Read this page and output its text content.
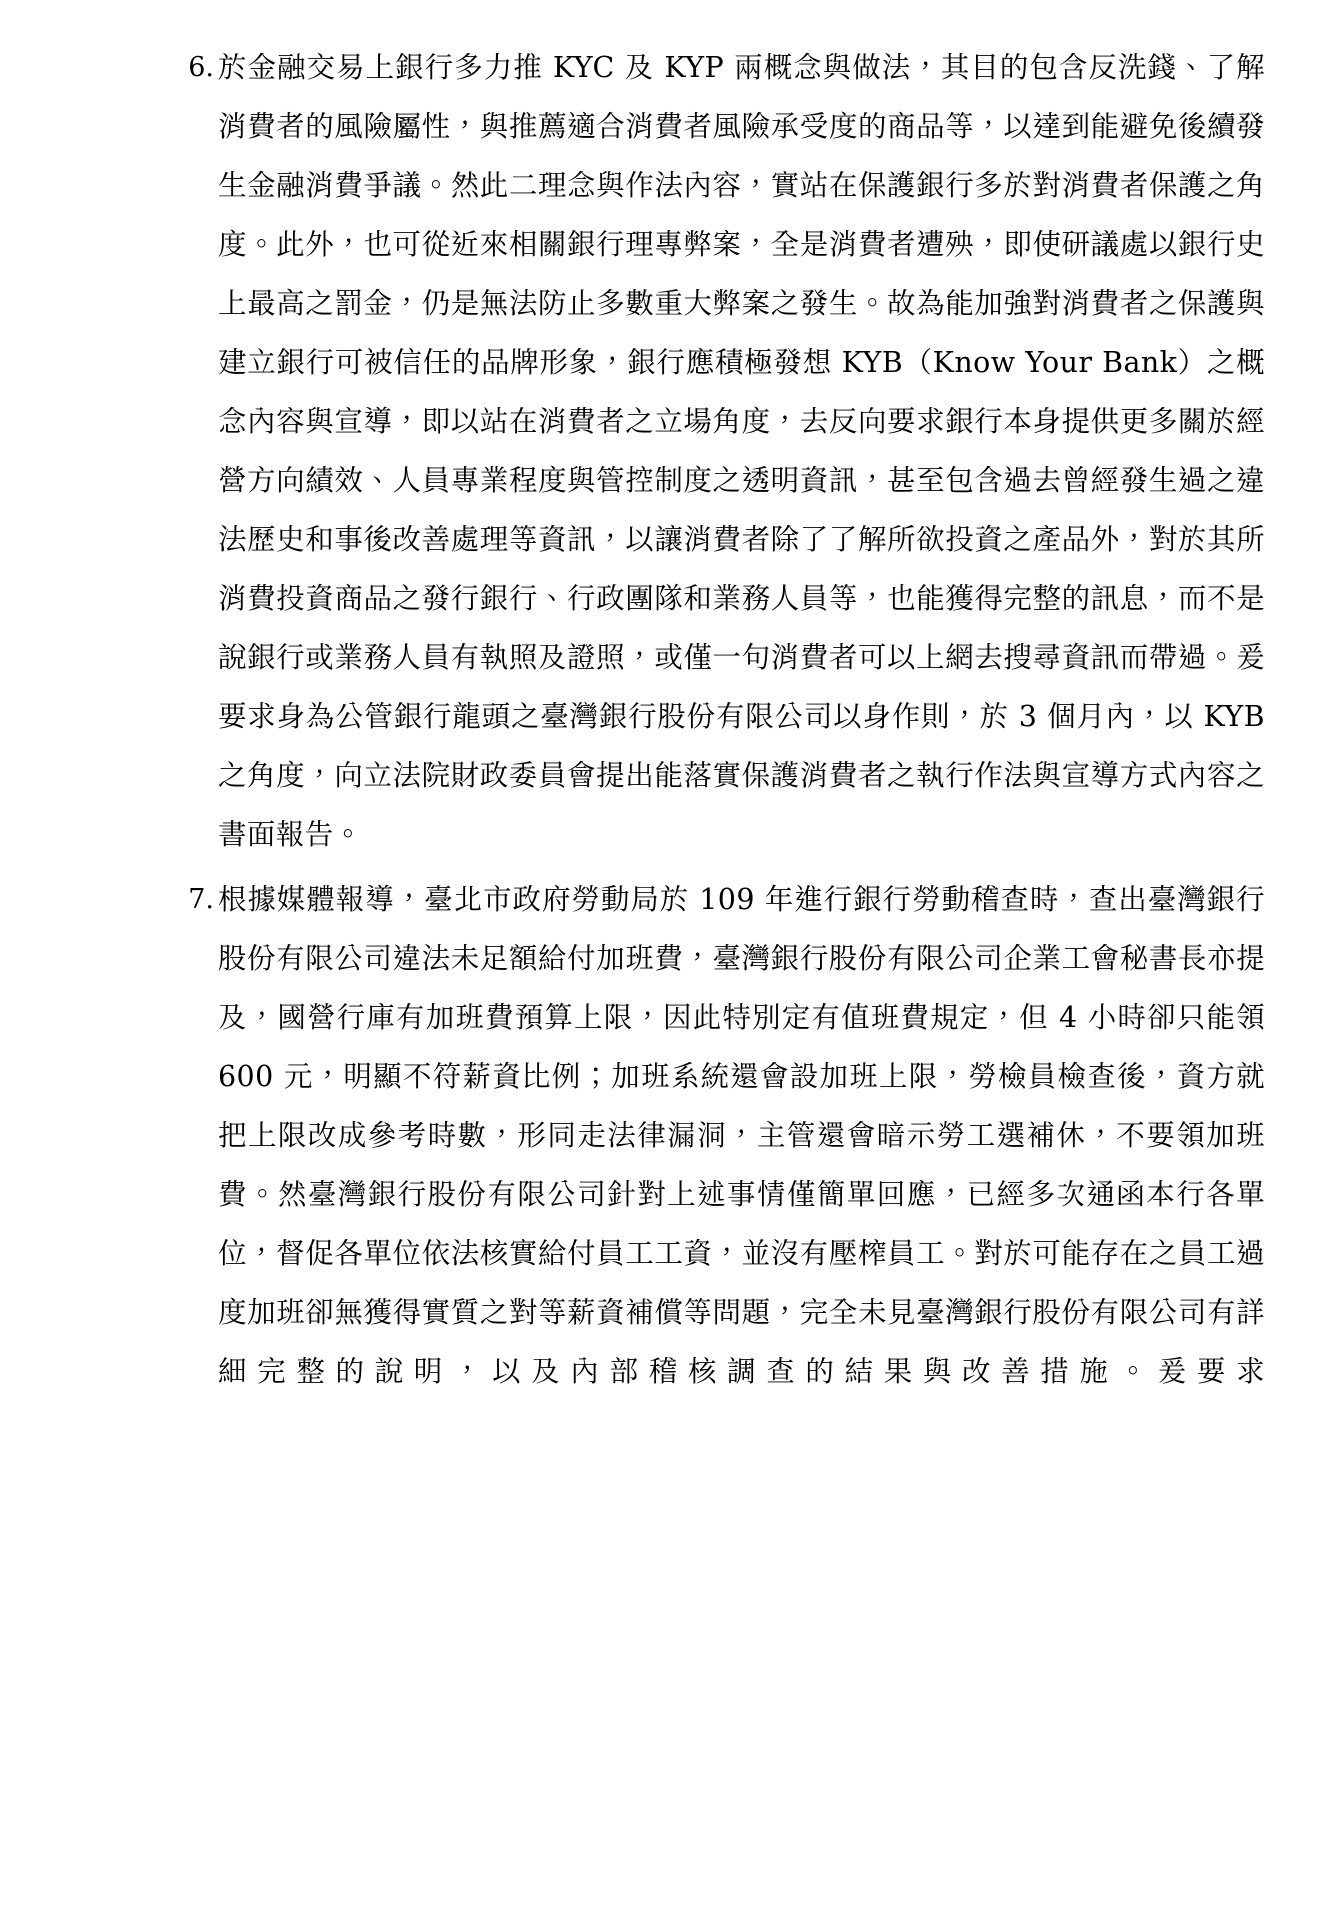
6. 於金融交易上銀行多力推 KYC 及 KYP 兩概念與做法，其目的包含反洗錢、了解消費者的風險屬性，與推薦適合消費者風險承受度的商品等，以達到能避免後續發生金融消費爭議。然此二理念與作法內容，實站在保護銀行多於對消費者保護之角度。此外，也可從近來相關銀行理專弊案，全是消費者遭殃，即使研議處以銀行史上最高之罰金，仍是無法防止多數重大弊案之發生。故為能加強對消費者之保護與建立銀行可被信任的品牌形象，銀行應積極發想 KYB（Know Your Bank）之概念內容與宣導，即以站在消費者之立場角度，去反向要求銀行本身提供更多關於經營方向績效、人員專業程度與管控制度之透明資訊，甚至包含過去曾經發生過之違法歷史和事後改善處理等資訊，以讓消費者除了了解所欲投資之產品外，對於其所消費投資商品之發行銀行、行政團隊和業務人員等，也能獲得完整的訊息，而不是說銀行或業務人員有執照及證照，或僅一句消費者可以上網去搜尋資訊而帶過。爰要求身為公管銀行龍頭之臺灣銀行股份有限公司以身作則，於 3 個月內，以 KYB 之角度，向立法院財政委員會提出能落實保護消費者之執行作法與宣導方式內容之書面報告。
7. 根據媒體報導，臺北市政府勞動局於 109 年進行銀行勞動稽查時，查出臺灣銀行股份有限公司違法未足額給付加班費，臺灣銀行股份有限公司企業工會秘書長亦提及，國營行庫有加班費預算上限，因此特別定有值班費規定，但 4 小時卻只能領 600 元，明顯不符薪資比例；加班系統還會設加班上限，勞檢員檢查後，資方就把上限改成參考時數，形同走法律漏洞，主管還會暗示勞工選補休，不要領加班費。然臺灣銀行股份有限公司針對上述事情僅簡單回應，已經多次通函本行各單位，督促各單位依法核實給付員工工資，並沒有壓榨員工。對於可能存在之員工過度加班卻無獲得實質之對等薪資補償等問題，完全未見臺灣銀行股份有限公司有詳細完整的說明，以及內部稽核調查的結果與改善措施。爰要求
